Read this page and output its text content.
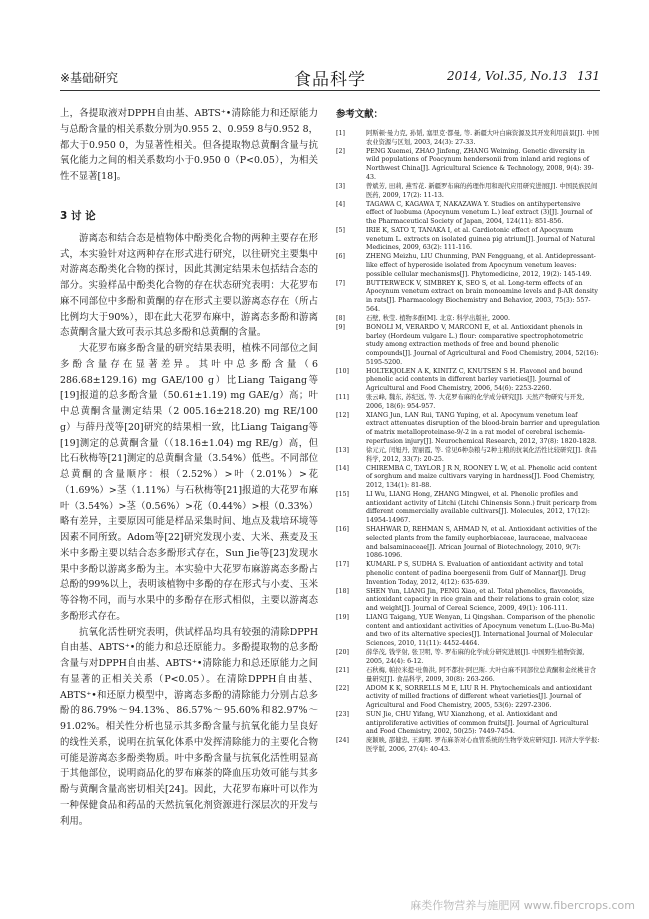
※基础研究	食品科学	2014, Vol.35, No.13 131

上，各提取液对DPPH自由基、ABTS⁺•清除能力和还原能力与总酚含量的相关系数分别为0.955 2、0.959 8与0.952 8，都大于0.950 0，为显著性相关。但各提取物总黄酮含量与抗氧化能力之间的相关系数均小于0.950 0（P<0.05），为相关性不显著[18]。

3 讨 论

游离态和结合态是植物体中酚类化合物的两种主要存在形式，本实验针对这两种存在形式进行研究，以往研究主要集中对游离态酚类化合物的探讨，因此其测定结果未包括结合态的部分。实验样品中酚类化合物的存在状态研究表明：大花罗布麻不同部位中多酚和黄酮的存在形式主要以游离态存在（所占比例均大于90%），即在此大花罗布麻中，游离态多酚和游离态黄酮含量大致可表示其总多酚和总黄酮的含量。

大花罗布麻多酚含量的研究结果表明，植株不同部位之间多酚含量存在显著差异。其叶中总多酚含量（6 286.68±129.16) mg GAE/100 g）比Liang Taigang等[19]报道的总多酚含量（50.61±1.19) mg GAE/g）高；叶中总黄酮含量测定结果（2 005.16±218.20) mg RE/100 g）与薛丹茂等[20]研究的结果相一致，比Liang Taigang等[19]测定的总黄酮含量（（18.16±1.04) mg RE/g）高，但比石秋梅等[21]测定的总黄酮含量（3.54%）低些。不同部位总黄酮的含量顺序：根（2.52%）>叶（2.01%）>花（1.69%）>茎（1.11%）与石秋梅等[21]报道的大花罗布麻叶（3.54%）>茎（0.56%）>花（0.44%）>根（0.33%）略有差异，主要原因可能是样品采集时间、地点及栽培环境等因素不同所致。Adom等[22]研究发现小麦、大米、燕麦及玉米中多酚主要以结合态多酚形式存在，Sun Jie等[23]发现水果中多酚以游离多酚为主。本实验中大花罗布麻游离态多酚占总酚的99%以上，表明该植物中多酚的存在形式与小麦、玉米等谷物不同，而与水果中的多酚存在形式相似，主要以游离态多酚形式存在。

抗氧化活性研究表明，供试样品均具有较强的清除DPPH自由基、ABTS⁺•的能力和总还原能力。多酚提取物的总多酚含量与对DPPH自由基、ABTS⁺•清除能力和总还原能力之间有显著的正相关关系（P<0.05）。在清除DPPH自由基、ABTS⁺•和还原力模型中，游离态多酚的清除能力分别占总多酚的86.79%～94.13%、86.57%～95.60%和82.97%～91.02%。相关性分析也显示其多酚含量与抗氧化能力呈良好的线性关系，说明在抗氧化体系中发挥清除能力的主要化合物可能是游离态多酚类物质。叶中多酚含量与抗氧化活性明显高于其他部位，说明商品化的罗布麻茶的降血压功效可能与其多酚与黄酮含量高密切相关[24]。因此，大花罗布麻叶可以作为一种保健食品和药品的天然抗氧化剂资源进行深层次的开发与利用。

参考文献：
[1]	阿斯顿·曼力克, 孙韬, 塞里克·都曼, 等. 新疆大叶白麻资源及其开发利用前景[J]. 中国农业资源与区划, 2003, 24(3): 27-33.
[2]	PENG Xuemei, ZHAO Jinfeng, ZHANG Weiming. Genetic diversity in wild populations of Poacynum hendersonii from inland arid regions of Northwest China[J]. Agricultural Science & Technology, 2008, 9(4): 39-43.
[3]	曾斌芳, 田莉, 燕雪花. 新疆罗布麻的药理作用和现代应用研究进展[J]. 中国民族民间医药, 2009, 17(2): 11-13.
[4]	TAGAWA C, KAGAWA T, NAKAZAWA Y. Studies on antihypertensive effect of luobuma (Apocynum venetum L.) leaf extract (3)[J]. Journal of the Pharmaceutical Society of Japan, 2004, 124(11): 851-856.
[5]	IRIE K, SATO T, TANAKA I, et al. Cardiotonic effect of Apocynum venetum L. extracts on isolated guinea pig atrium[J]. Journal of Natural Medicines, 2009, 63(2): 111-116.
[6]	ZHENG Meizhu, LIU Chunming, PAN Fengguang, et al. Antidepressant-like effect of hyperoside isolated from Apocynum venetum leaves: possible cellular mechanisms[J]. Phytomedicine, 2012, 19(2): 145-149.
[7]	BUTTERWECK V, SIMBREY K, SEO S, et al. Long-term effects of an Apocynum venetum extract on brain monoamine levels and β-AR density in rats[J]. Pharmacology Biochemistry and Behavior, 2003, 75(3): 557-564.
[8]	石壁, 秋莹. 植物多酚[M]. 北京: 科学出版社, 2000.
[9]	BONOLI M, VERARDO V, MARCONI E, et al. Antioxidant phenols in barley (Hordeum vulgare L.) flour: comparative spectrophotometric study among extraction methods of free and bound phenolic compounds[J]. Journal of Agricultural and Food Chemistry, 2004, 52(16): 5195-5200.
[10]	HOLTEKJOLEN A K, KINITZ C, KNUTSEN S H. Flavonol and bound phenolic acid contents in different barley varieties[J]. Journal of Agricultural and Food Chemistry, 2006, 54(6): 2253-2260.
[11]	张云峰, 魏东, 苏纪远, 等. 大花罗布麻的化学成分研究[J]. 天然产物研究与开发, 2006, 18(6): 954-957.
[12]	XIANG Jun, LAN Rui, TANG Yuping, et al. Apocynum venetum leaf extract attenuates disruption of the blood-brain barrier and upregulation of matrix metalloproteinase-9/-2 in a rat model of cerebral ischemia-reperfusion injury[J]. Neurochemical Research, 2012, 37(8): 1820-1828.
[13]	徐元元, 闰旭丹, 贺丽霞, 等. 常见6种杂粮与2种主粮的抗氧化活性比较研究[J]. 食品科学, 2012, 33(7): 20-25.
[14]	CHIREMBA C, TAYLOR J R N, ROONEY L W, et al. Phenolic acid content of sorghum and maize cultivars varying in hardness[J]. Food Chemistry, 2012, 134(1): 81-88.
[15]	LI Wu, LIANG Hong, ZHANG Mingwei, et al. Phenolic profiles and antioxidant activity of Litchi (Litchi Chinensis Sonn.) fruit pericarp from different commercially available cultivars[J]. Molecules, 2012, 17(12): 14954-14967.
[16]	SHAHWAR D, REHMAN S, AHMAD N, et al. Antioxidant activities of the selected plants from the family euphorbiaceae, lauraceae, malvaceae and balsaminaceae[J]. African Journal of Biotechnology, 2010, 9(7): 1086-1096.
[17]	KUMARL P S, SUDHA S. Evaluation of antioxidant activity and total phenolic content of padina boergesenii from Gulf of Mannar[J]. Drug Invention Today, 2012, 4(12): 635-639.
[18]	SHEN Yun, LIANG Jin, PENG Xiao, et al. Total phenolics, flavonoids, antioxidant capacity in rice grain and their relations to grain color, size and weight[J]. Journal of Cereal Science, 2009, 49(1): 106-111.
[19]	LIANG Taigang, YUE Wenyan, Li Qingshan. Comparison of the phenolic content and antioxidant activities of Apocynum venetum L.(Luo-Bu-Ma) and two of its alternative species[J]. International Journal of Molecular Sciences, 2010, 11(11): 4452-4464.
[20]	薛华茂, 钱学射, 张卫明, 等. 罗布麻的化学成分研究进展[J]. 中国野生植物资源, 2005, 24(4): 6-12.
[21]	石秋梅, 帕拉米提·吐鲁洪, 阿不都拉·阿巴斯. 大叶白麻不同部位总黄酮和金丝桃苷含量研究[J]. 食品科学, 2009, 30(8): 263-266.
[22]	ADOM K K, SORRELLS M E, LIU R H. Phytochemicals and antioxidant activity of milled fractions of different wheat varieties[J]. Journal of Agricultural and Food Chemistry, 2005, 53(6): 2297-2306.
[23]	SUN Jie, CHU Yifang, WU Xianzhong, et al. Antioxidant and antiproliferative activities of common fruits[J]. Journal of Agricultural and Food Chemistry, 2002, 50(25): 7449-7454.
[24]	庞颖映, 邵健忠, 王海明. 罗布麻茶对心血管系统的生物学效应研究[J]. 同济大学学报: 医学版, 2006, 27(4): 40-43.
麻类作物营养与施肥网 www.fibercrops.com
